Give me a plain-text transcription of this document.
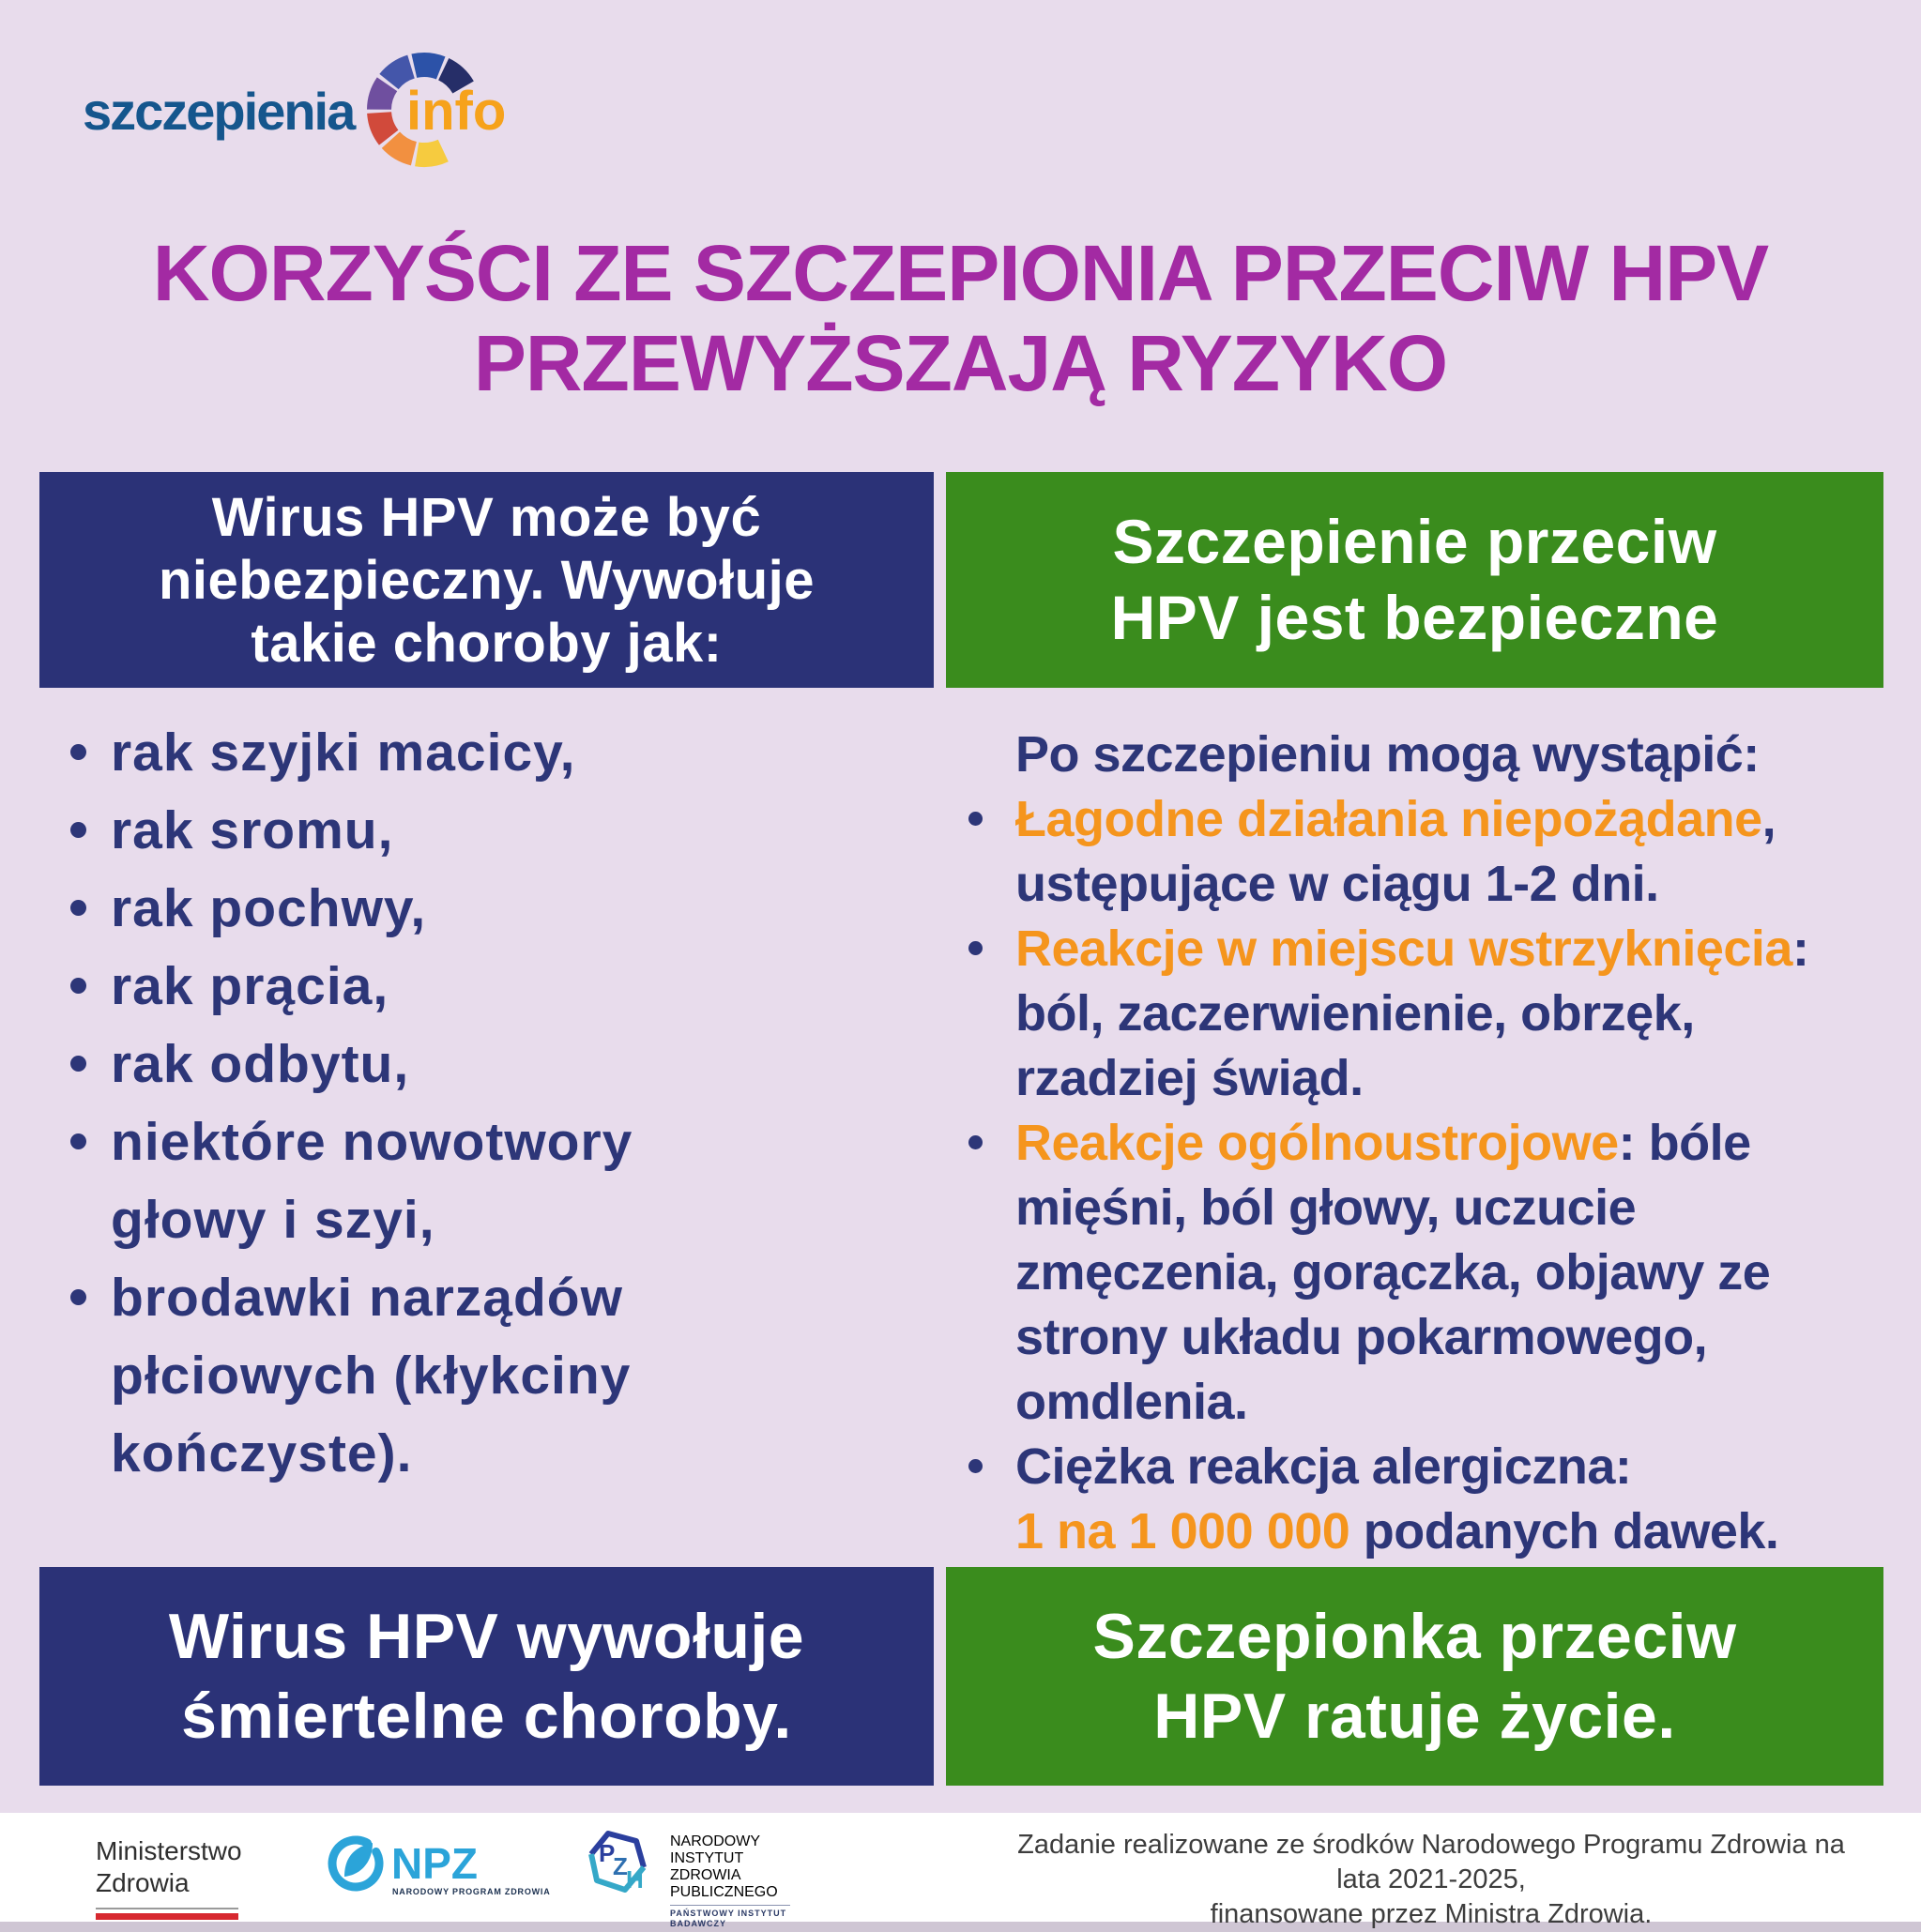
szczepienia info
KORZYŚCI ZE SZCZEPIONIA PRZECIW HPV
PRZEWYŻSZAJĄ RYZYKO
Wirus HPV może być
niebezpieczny. Wywołuje
takie choroby jak:
Szczepienie przeciw
HPV jest bezpieczne
rak szyjki macicy,
rak sromu,
rak pochwy,
rak prącia,
rak odbytu,
niektóre nowotwory
głowy i szyi,
brodawki narządów
płciowych (kłykciny
kończyste).
Po szczepieniu mogą wystąpić:
Łagodne działania niepożądane ,
ustępujące w ciągu 1-2 dni.
Reakcje w miejscu wstrzyknięcia :
ból, zaczerwienienie, obrzęk,
rzadziej świąd.
Reakcje ogólnoustrojowe : bóle
mięśni, ból głowy, uczucie
zmęczenia, gorączka, objawy ze
strony układu pokarmowego,
omdlenia.
Ciężka reakcja alergiczna:
1 na 1 000 000 podanych dawek.
Wirus HPV wywołuje
śmiertelne choroby.
Szczepionka przeciw
HPV ratuje życie.
Ministerstwo
Zdrowia	NPZ
NARODOWY PROGRAM ZDROWIA
P
Z
H
NARODOWY
INSTYTUT
ZDROWIA
PUBLICZNEGO
PAŃSTWOWY INSTYTUT
BADAWCZY
Zadanie realizowane ze środków Narodowego Programu Zdrowia na lata 2021-2025,
finansowane przez Ministra Zdrowia.
